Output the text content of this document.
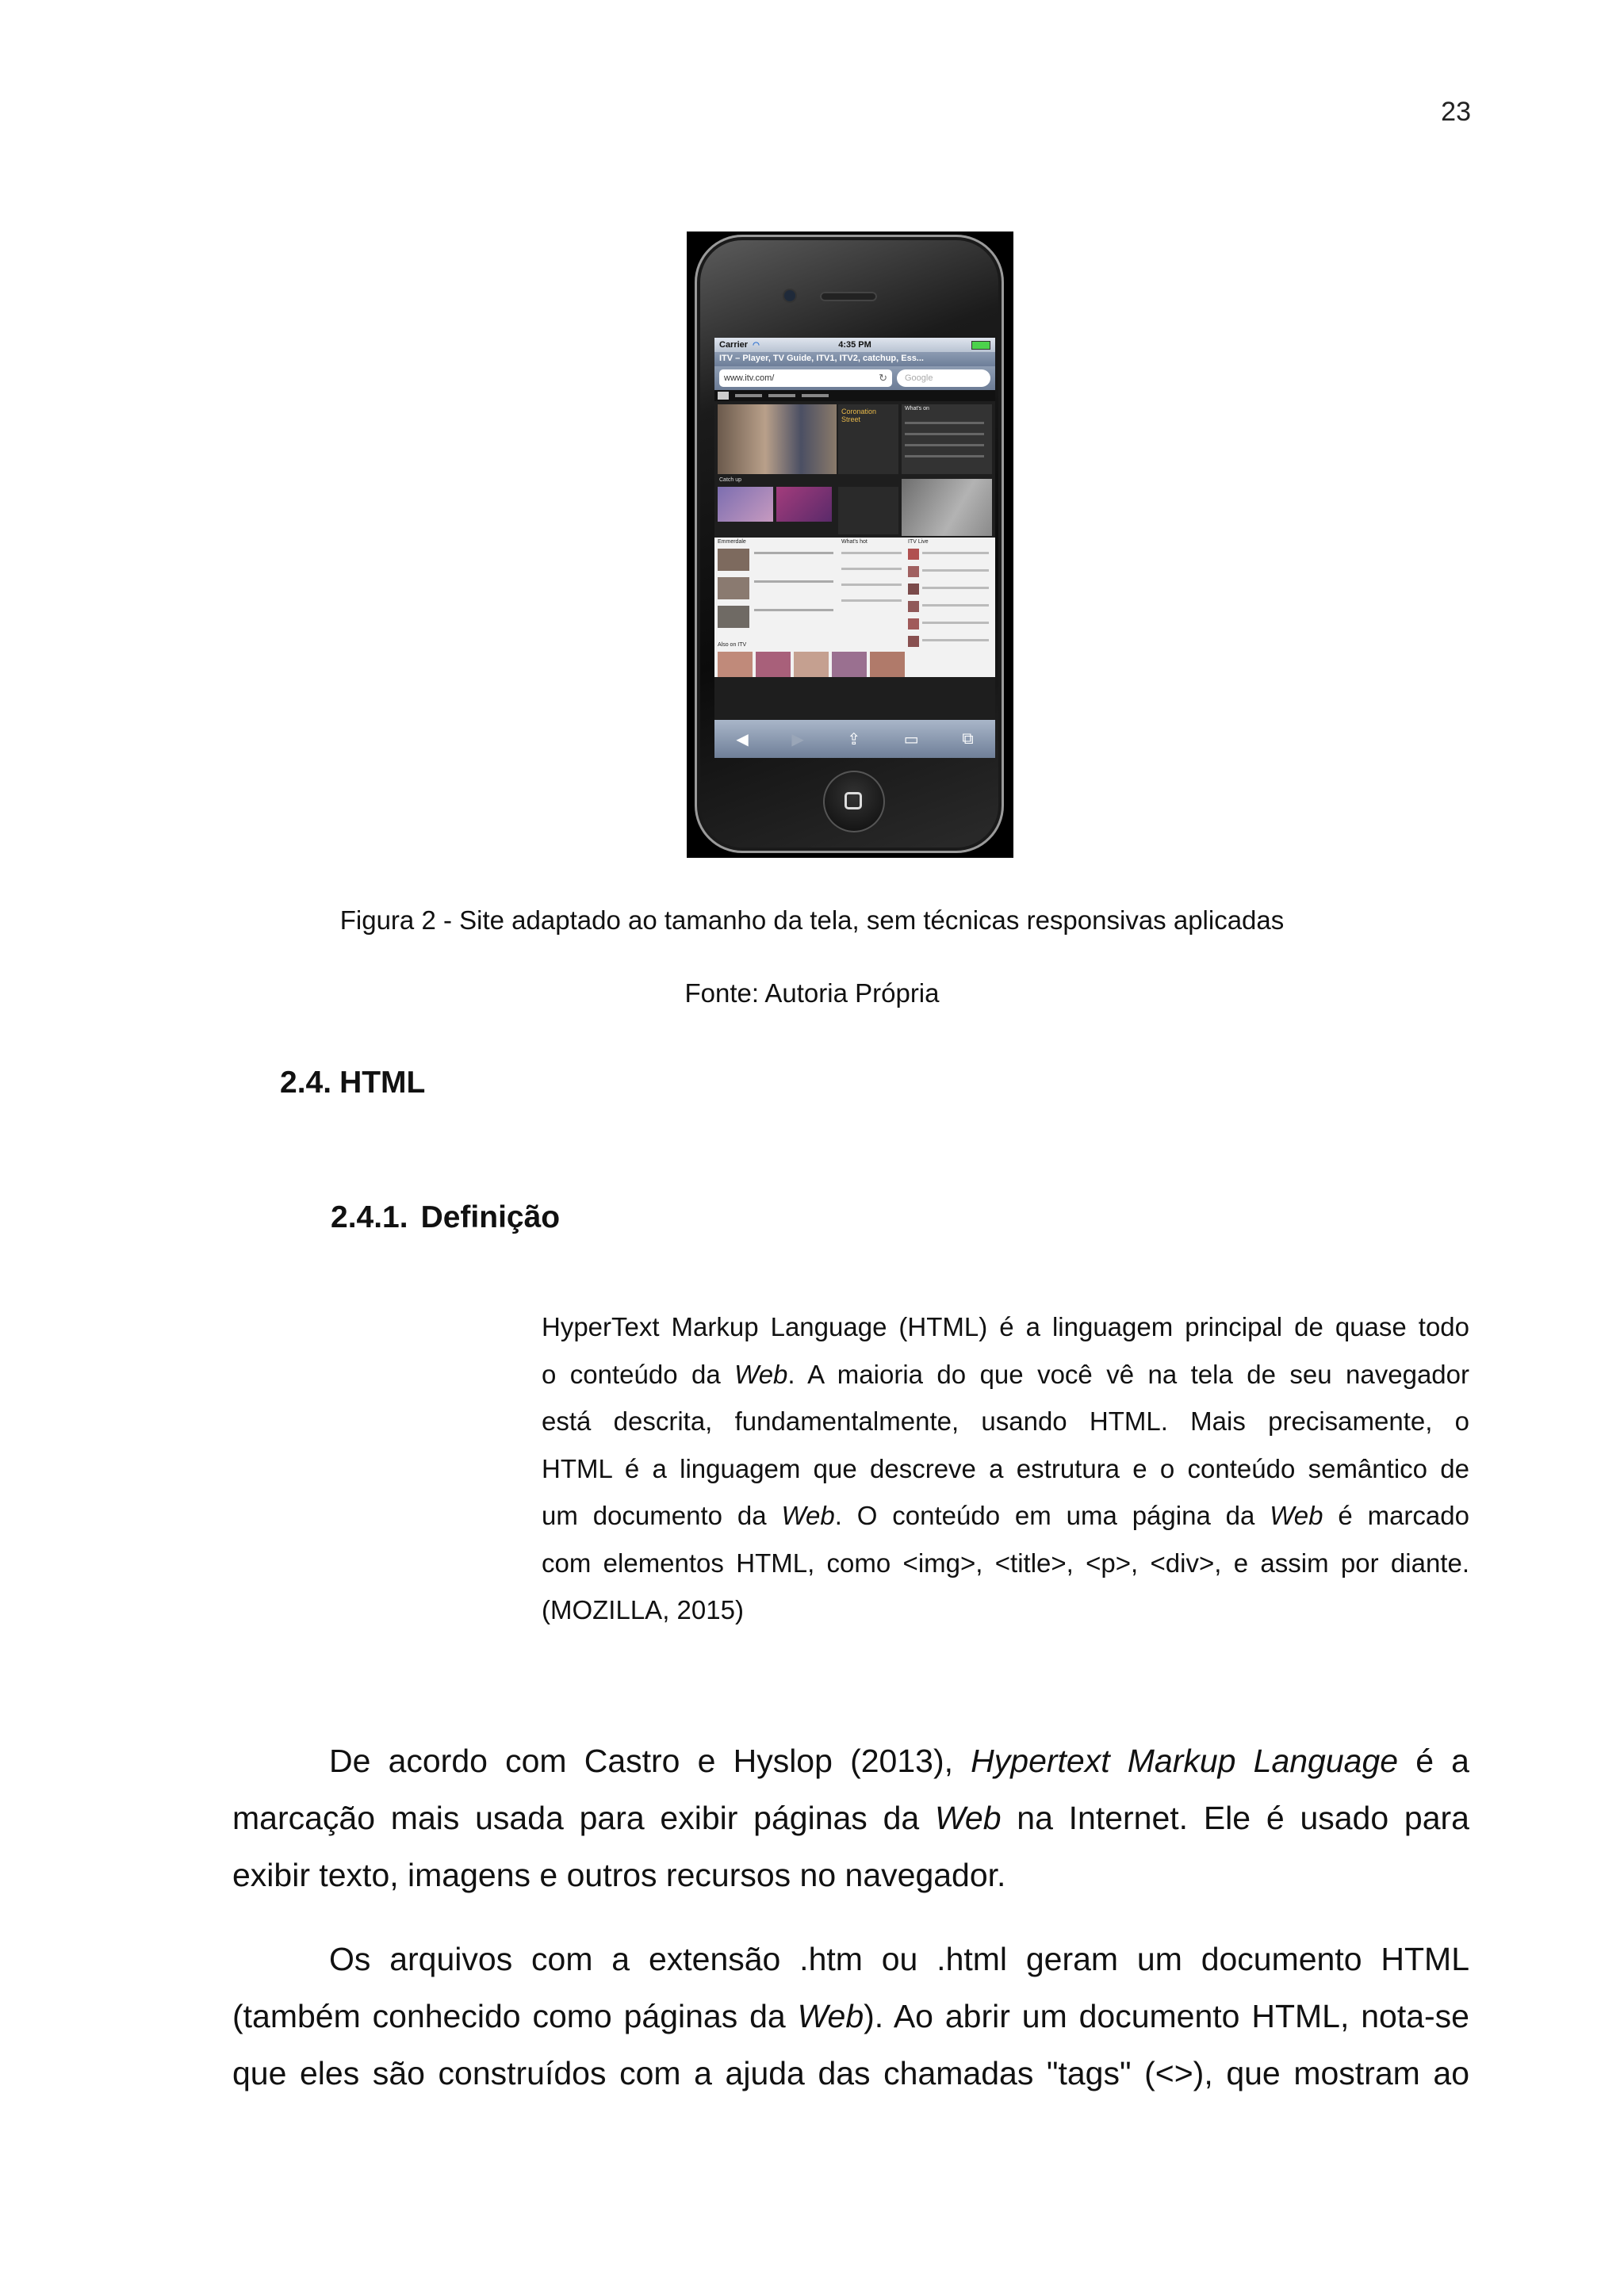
23
Carrier ◠	4:35 PM
ITV – Player, TV Guide, ITV1, ITV2, catchup, Ess...
www.itv.com/	↻	Google
Coronation Street
What's on
Catch up
Emmerdale	What's hot	ITV Live
Also on ITV
◀	▶	⇪	▭	⧉
Figura 2 - Site adaptado ao tamanho da tela, sem técnicas responsivas aplicadas
Fonte: Autoria Própria
2.4. HTML
2.4.1. Definição
HyperText Markup Language (HTML) é a linguagem principal de quase todo
o conteúdo da Web. A maioria do que você vê na tela de seu navegador
está descrita, fundamentalmente, usando HTML. Mais precisamente, o
HTML é a linguagem que descreve a estrutura e o conteúdo semântico de
um documento da Web. O conteúdo em uma página da Web é marcado
com elementos HTML, como <img>, <title>, <p>, <div>, e assim por diante.
(MOZILLA, 2015)
De acordo com Castro e Hyslop (2013), Hypertext Markup Language é a
marcação mais usada para exibir páginas da Web na Internet. Ele é usado para
exibir texto, imagens e outros recursos no navegador.
Os arquivos com a extensão .htm ou .html geram um documento HTML
(também conhecido como páginas da Web). Ao abrir um documento HTML, nota-se
que eles são construídos com a ajuda das chamadas "tags" (<>), que mostram ao
